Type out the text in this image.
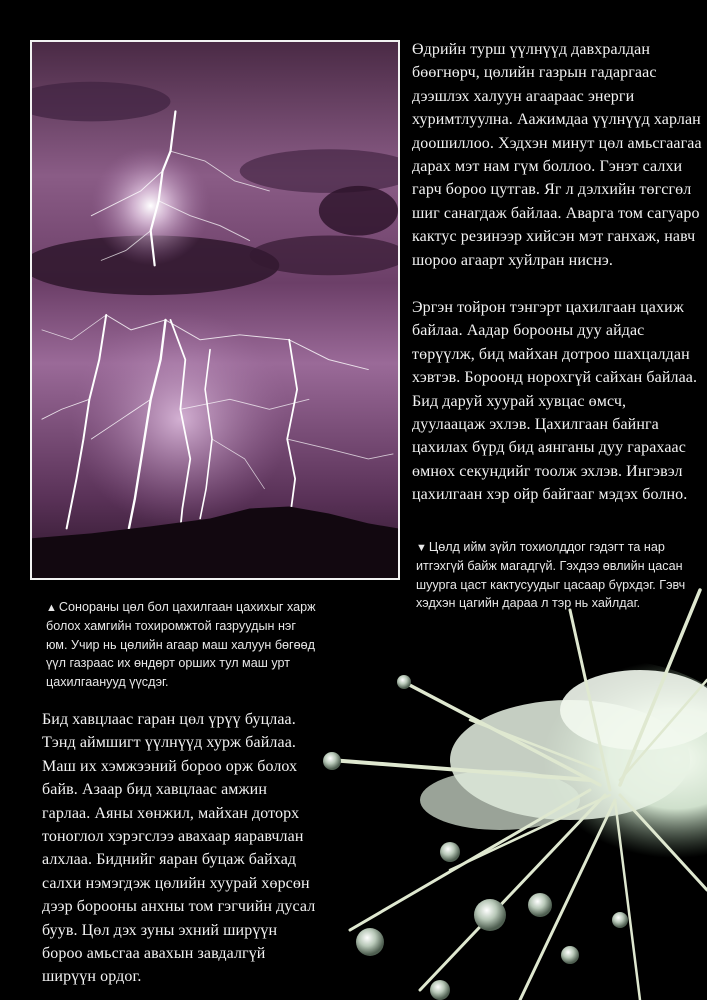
Өдрийн турш үүлнүүд давхралдан бөөгнөрч, цөлийн газрын гадаргаас дээшлэх халуун агаараас энерги хуримтлуулна. Аажимдаа үүлнүүд харлан доошиллоо. Хэдхэн минут цөл амьсгаагаа дарах мэт нам гүм боллоо. Гэнэт салхи гарч бороо цутгав. Яг л дэлхийн төгсгөл шиг санагдаж байлаа. Аварга том сагуаро кактус резинээр хийсэн мэт ганхаж, навч шороо агаарт хуйлран ниснэ.

Эргэн тойрон тэнгэрт цахилгаан цахиж байлаа. Аадар борооны дуу айдас төрүүлж, бид майхан дотроо шахцалдан хэвтэв. Бороонд норохгүй сайхан байлаа. Бид даруй хуурай хувцас өмсч, дуулаацаж эхлэв. Цахилгаан байнга цахилах бүрд бид аянганы дуу гарахаас өмнөх секундийг тоолж эхлэв. Ингэвэл цахилгаан хэр ойр байгааг мэдэх болно.

▼ Цөлд ийм зүйл тохиолддог гэдэгт та нар итгэхгүй байж магадгүй. Гэхдээ өвлийн цасан шуурга цаст кактусуудыг цасаар бүрхдэг. Гэвч хэдхэн цагийн дараа л тэр нь хайлдаг.
▲ Сонораны цөл бол цахилгаан цахихыг харж болох хамгийн тохиромжтой газруудын нэг юм. Учир нь цөлийн агаар маш халуун бөгөөд үүл газраас их өндөрт орших тул маш урт цахилгаанууд үүсдэг.

Бид хавцлаас гаран цөл үрүү буцлаа. Тэнд аймшигт үүлнүүд хурж байлаа. Маш их хэмжээний бороо орж болох байв. Азаар бид хавцлаас амжин гарлаа. Аяны хөнжил, майхан доторх тоноглол хэрэгслээ авахаар яаравчлан алхлаа. Биднийг яаран буцаж байхад салхи нэмэгдэж цөлийн хуурай хөрсөн дээр борооны анхны том гэгчийн дусал буув. Цөл дэх зуны эхний ширүүн бороо амьсгаа авахын завдалгүй ширүүн ордог.
